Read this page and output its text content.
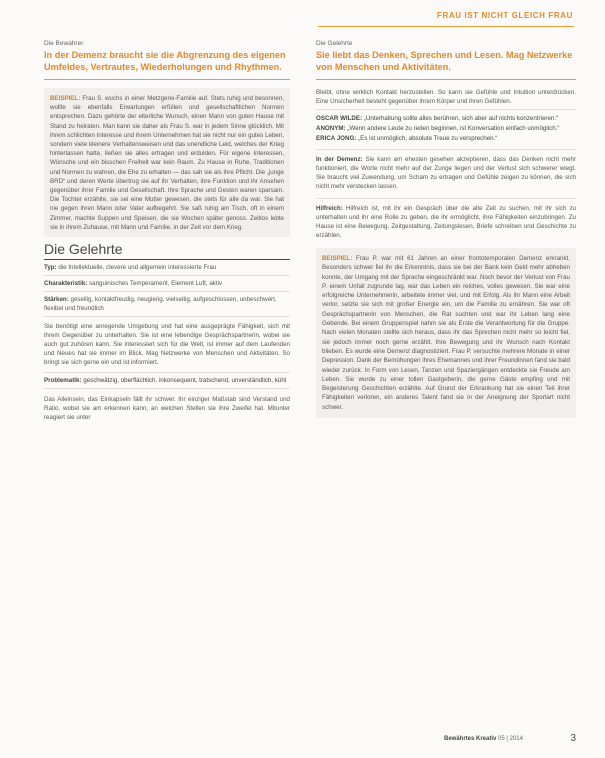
FRAU IST NICHT GLEICH FRAU
Die Bewahrer
In der Demenz braucht sie die Abgrenzung des eigenen Umfeldes, Vertrautes, Wiederholungen und Rhythmen.
BEISPIEL: Frau S. wuchs in einer Metzgerei-Familie auf. Stets ruhig und besonnen, wollte sie ebenfalls Erwartungen erfüllen und gesellschaftlichen Normen entsprechen. Dazu gehörte der elterliche Wunsch, einen Mann von guten Hause mit Stand zu heiraten. Man kann sie daher als Frau S. war in jedem Sinne glücklich. Mit ihrem schlichten Interesse und ihrem Unternehmen hat sie nicht nur ein gutes Leben, sondern viele kleinere Verhaltensweisen und das unendliche Leid, welches der Krieg hinterlassen hatte, ließen sie alles ertragen und erdulden. Für eigene Interessen, Wünsche und ein bisschen Freiheit war kein Raum. Zu Hause in Ruhe, Traditionen und Normen zu wahren, die Ehe zu erhalten — das sah sie als ihre Pflicht. Die „junge BRD“ und deren Werte übertrug sie auf ihr Verhalten, ihre Funktion und ihr Ansehen gegenüber ihrer Familie und Gesellschaft. Ihre Sprache und Gesten waren sparsam. Die Tochter erzählte, sie sei eine Mutter gewesen, die stets für alle da war. Sie hat nie gegen ihren Mann oder Vater aufbegehrt. Sie saß ruhig am Tisch, oft in einem Zimmer, machte Suppen und Speisen, die sie Wochen später genoss. Zeitlos lebte sie in ihrem Zuhause, mit Mann und Familie, in der Zeit vor dem Krieg.
Die Gelehrte
Typ: die Intellektuelle, clevere und allgemein interessierte Frau
Charakteristik: sanguinisches Temperament, Element Luft, aktiv
Stärken: gesellig, kontaktfreudig, neugierig, vielseitig, aufgeschlossen, unbeschwert, flexibel und freundlich
Sie benötigt eine anregende Umgebung und hat eine ausgeprägte Fähigkeit, sich mit ihrem Gegenüber zu unterhalten. Sie ist eine lebendige Gesprächspartnerin, wobei sie auch gut zuhören kann. Sie interessiert sich für die Welt, ist immer auf dem Laufenden und Neues hat sie immer im Blick. Mag Netzwerke von Menschen und Aktivitäten. So bringt sie sich gerne ein und ist informiert.
Problematik: geschwätzig, oberflächlich, inkonsequent, tratschend, unverständlich, kühl
Das Alleinsein, das Einkapseln fällt ihr schwer. Ihr einziger Maßstab sind Verstand und Ratio, wobei sie am erkennen kann, an welchen Stellen sie ihre Zweifel hat. Mitunter reagiert sie unter
Die Gelehrte
Sie liebt das Denken, Sprechen und Lesen. Mag Netzwerke von Menschen und Aktivitäten.
Bleibt, ohne wirklich Kontakt herzustellen. So kann sie Gefühle und Intuition unterdrücken. Eine Unsicherheit besteht gegenüber ihrem Körper und ihren Gefühlen.
OSCAR WILDE: „Unterhaltung sollte alles berühren, sich aber auf nichts konzentrieren.“
ANONYM: „Wenn andere Leute zu reden beginnen, ist Konversation einfach unmöglich.“
ERICA JONG: „Es ist unmöglich, absolute Treue zu versprechen.“
In der Demenz: Sie kann am ehesten gesehen akzeptieren, dass das Denken nicht mehr funktioniert, die Worte nicht mehr auf der Zunge liegen und der Verlust sich schwerer wiegt. Sie braucht viel Zuwendung, um Scham zu ertragen und Gefühle zeigen zu können, die sich nicht mehr verstecken lassen.
Hilfreich: Hilfreich ist, mit ihr ein Gespräch über die alte Zeit zu suchen, mit ihr sich zu unterhalten und ihr eine Rolle zu geben, die ihr ermöglicht, ihre Fähigkeiten einzubringen. Zu Hause ist eine Bewegung, Zeitgestaltung, Zeitungslesen, Briefe schreiben und Geschichte zu erzählen.
BEISPIEL: Frau P. war mit 61 Jahren an einer frontotemporalen Demenz erkrankt. Besonders schwer fiel ihr die Erkenntnis, dass sie bei der Bank kein Geld mehr abheben konnte, der Umgang mit der Sprache eingeschränkt war. Noch bevor der Verlust von Frau P. einem Unfall zugrunde lag, war das Leben ein reiches, volles gewesen. Sie war eine erfolgreiche Unternehmerin, arbeitete immer viel, und mit Erfolg. Als ihr Mann eine Arbeit verlor, setzte sie sich mit großer Energie ein, um die Familie zu ernähren. Sie war oft Gesprächspartnerin von Menschen, die Rat suchten und war ihr Leben lang eine Gebende. Bei einem Gruppenspiel nahm sie als Erste die Verantwortung für die Gruppe. Nach vielen Monaten stellte sich heraus, dass ihr das Sprechen nicht mehr so leicht fiel, sie jedoch immer noch gerne erzählt. Ihre Bewegung und ihr Wunsch nach Kontakt blieben. Es wurde eine Demenz diagnostiziert. Frau P. versuchte mehrere Monate in einer Depression. Dank der Bemühungen ihres Ehemannes und ihrer Freundinnen fand sie bald wieder zurück. In Form von Lesen, Tanzen und Spaziergängen entdeckte sie Freude am Leben. Sie wurde zu einer tollen Gastgeberin, die gerne Gäste empfing und mit Begeisterung Geschichten erzählte. Auf Grund der Erkrankung hat sie einen Teil ihrer Fähigkeiten verloren, ein anderes Talent fand sie in der Aneignung der Sportart nicht schwer.
Bewährtes Kreativ 05 | 2014	3
